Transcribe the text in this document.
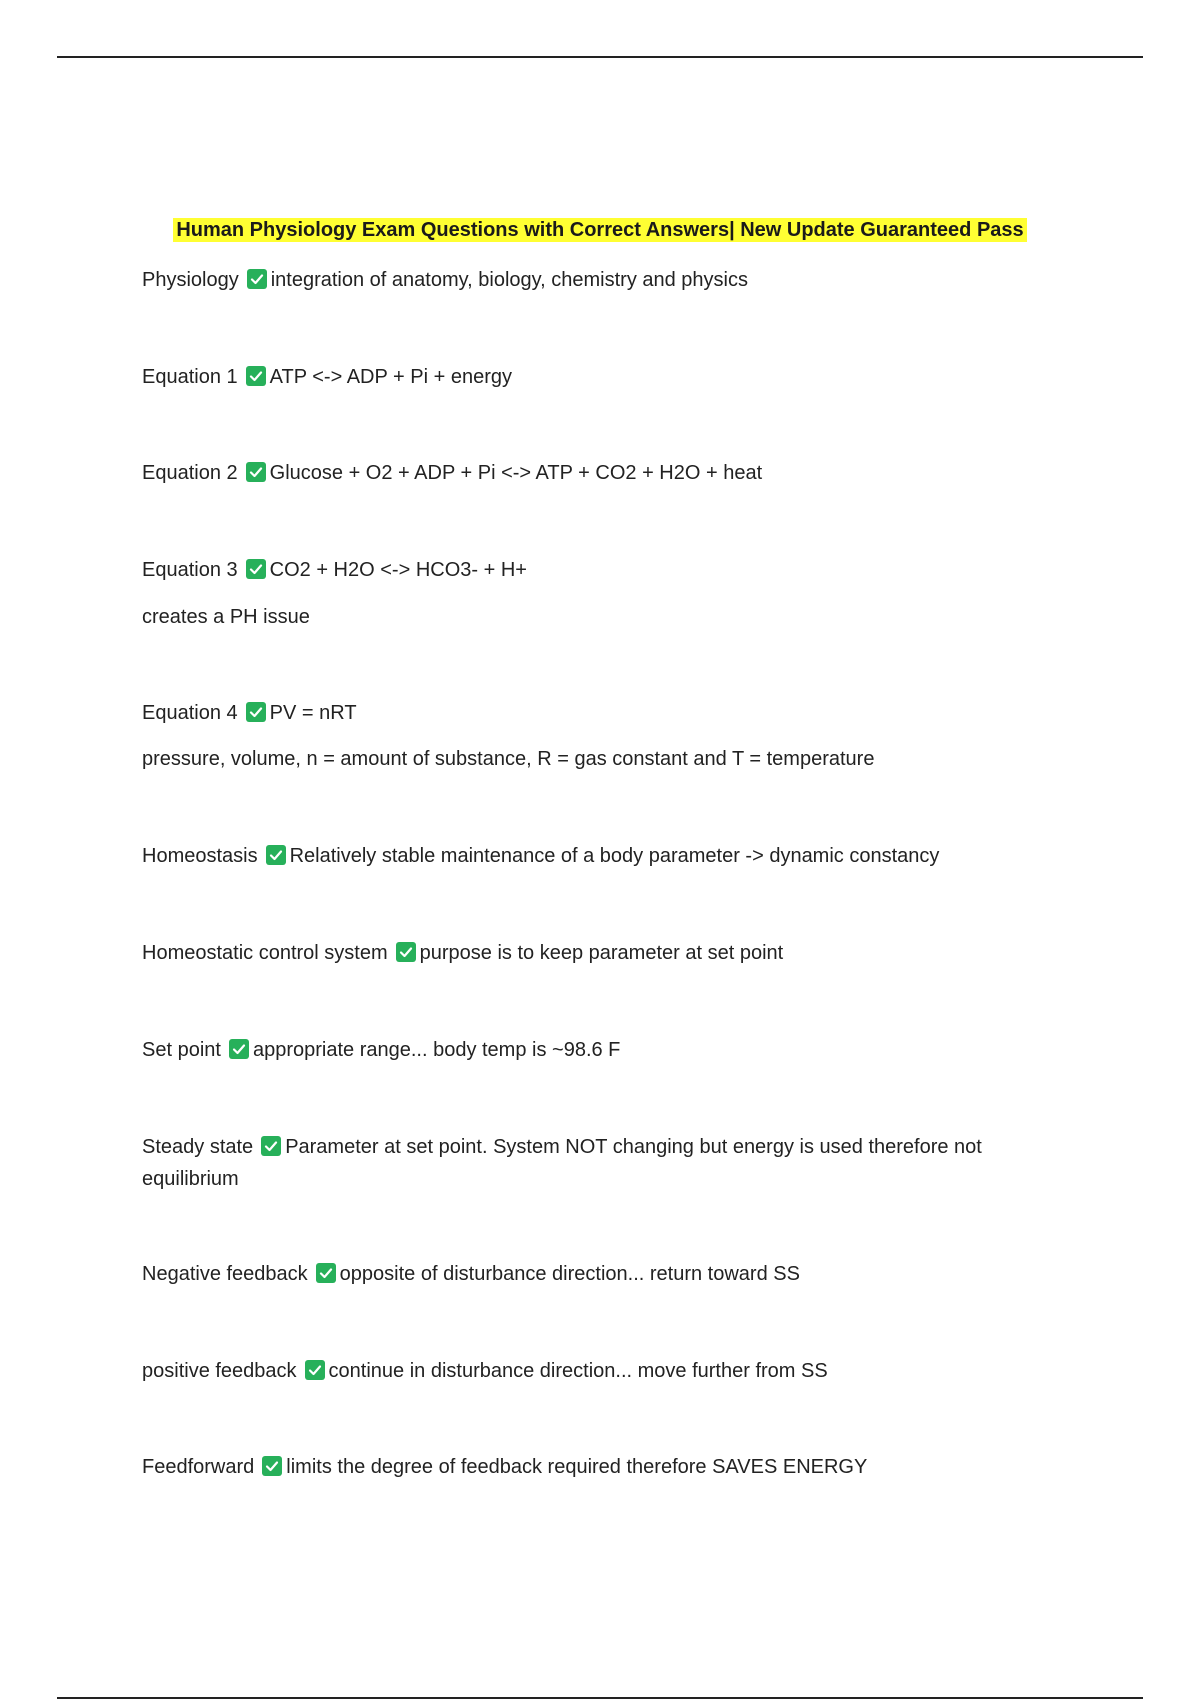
Human Physiology Exam Questions with Correct Answers| New Update Guaranteed Pass
Physiology integration of anatomy, biology, chemistry and physics
Equation 1 ATP <-> ADP + Pi + energy
Equation 2 Glucose + O2 + ADP + Pi <-> ATP + CO2 + H2O + heat
Equation 3 CO2 + H2O <-> HCO3- + H+
creates a PH issue
Equation 4 PV = nRT
pressure, volume, n = amount of substance, R = gas constant and T = temperature
Homeostasis Relatively stable maintenance of a body parameter -> dynamic constancy
Homeostatic control system purpose is to keep parameter at set point
Set point appropriate range... body temp is ~98.6 F
Steady state Parameter at set point. System NOT changing but energy is used therefore not equilibrium
Negative feedback opposite of disturbance direction... return toward SS
positive feedback continue in disturbance direction... move further from SS
Feedforward limits the degree of feedback required therefore SAVES ENERGY
